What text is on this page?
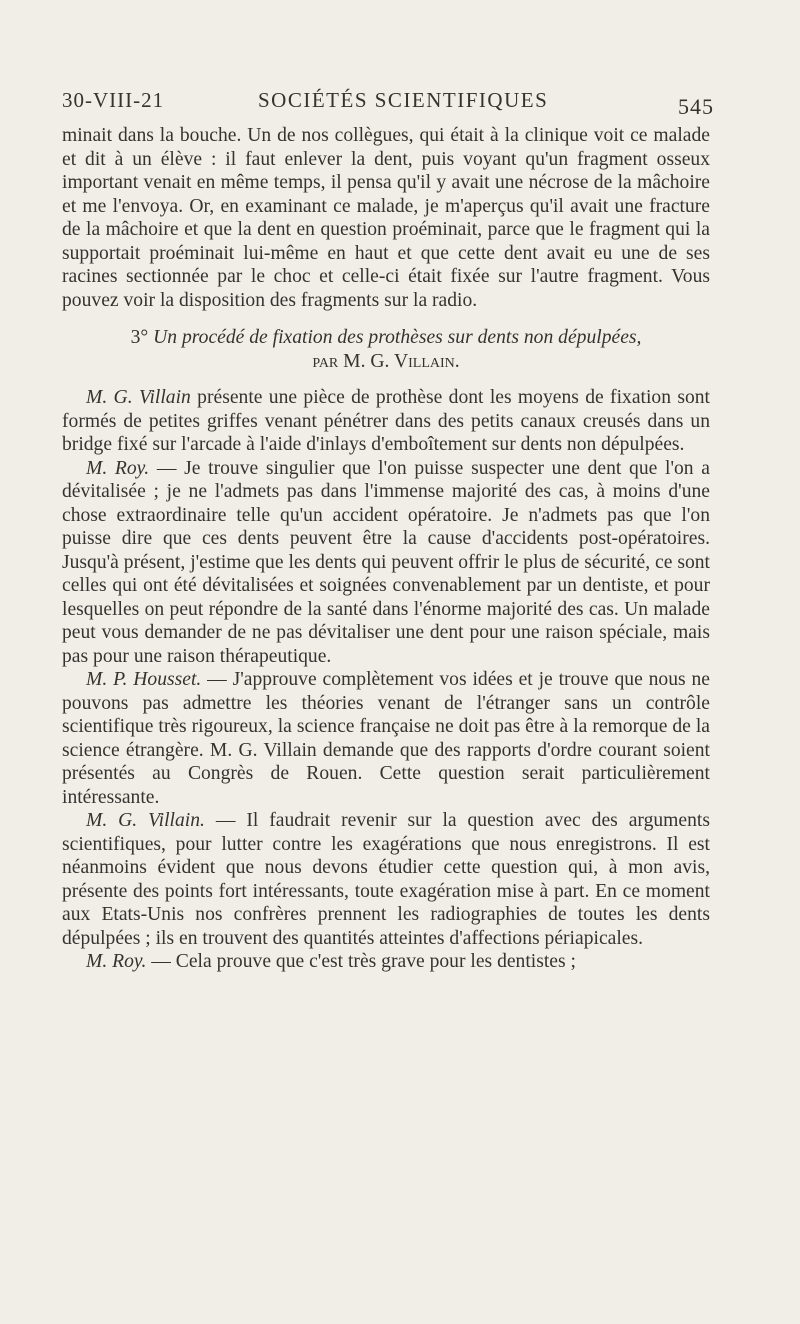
30-VIII-21	SOCIÉTÉS SCIENTIFIQUES	545

minait dans la bouche. Un de nos collègues, qui était à la clinique voit ce malade et dit à un élève : il faut enlever la dent, puis voyant qu'un fragment osseux important venait en même temps, il pensa qu'il y avait une nécrose de la mâchoire et me l'envoya. Or, en examinant ce malade, je m'aperçus qu'il avait une fracture de la mâchoire et que la dent en question proéminait, parce que le fragment qui la supportait proéminait lui-même en haut et que cette dent avait eu une de ses racines sectionnée par le choc et celle-ci était fixée sur l'autre fragment. Vous pouvez voir la disposition des fragments sur la radio.

3° Un procédé de fixation des prothèses sur dents non dépulpées,
par M. G. Villain.

M. G. Villain présente une pièce de prothèse dont les moyens de fixation sont formés de petites griffes venant pénétrer dans des petits canaux creusés dans un bridge fixé sur l'arcade à l'aide d'inlays d'emboîtement sur dents non dépulpées.

M. Roy. — Je trouve singulier que l'on puisse suspecter une dent que l'on a dévitalisée ; je ne l'admets pas dans l'immense majorité des cas, à moins d'une chose extraordinaire telle qu'un accident opératoire. Je n'admets pas que l'on puisse dire que ces dents peuvent être la cause d'accidents post-opératoires. Jusqu'à présent, j'estime que les dents qui peuvent offrir le plus de sécurité, ce sont celles qui ont été dévitalisées et soignées convenablement par un dentiste, et pour lesquelles on peut répondre de la santé dans l'énorme majorité des cas. Un malade peut vous demander de ne pas dévitaliser une dent pour une raison spéciale, mais pas pour une raison thérapeutique.

M. P. Housset. — J'approuve complètement vos idées et je trouve que nous ne pouvons pas admettre les théories venant de l'étranger sans un contrôle scientifique très rigoureux, la science française ne doit pas être à la remorque de la science étrangère. M. G. Villain demande que des rapports d'ordre courant soient présentés au Congrès de Rouen. Cette question serait particulièrement intéressante.

M. G. Villain. — Il faudrait revenir sur la question avec des arguments scientifiques, pour lutter contre les exagérations que nous enregistrons. Il est néanmoins évident que nous devons étudier cette question qui, à mon avis, présente des points fort intéressants, toute exagération mise à part. En ce moment aux Etats-Unis nos confrères prennent les radiographies de toutes les dents dépulpées ; ils en trouvent des quantités atteintes d'affections périapicales.

M. Roy. — Cela prouve que c'est très grave pour les dentistes ;
